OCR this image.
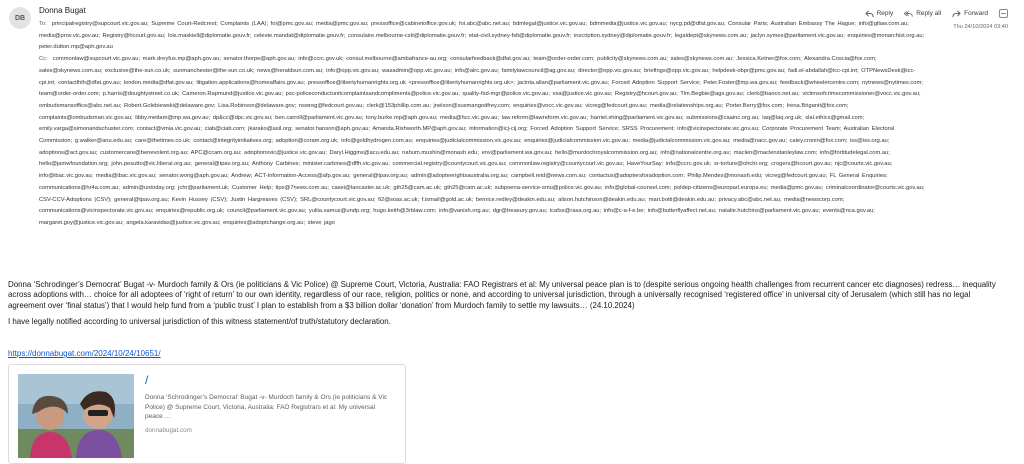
DB
Donna Bugat	Reply	Reply all	Forward
Thu 24/10/2024 03:40

To: principalregistry@supcourt.vic.gov.au; Supreme Court-Redcrest; Complaints (LAA); foi@pmc.gov.au; media@pmc.gov.au; pressoffice@cabinetoffice.gov.uk; foi.abc@abc.net.au; bdmlegal@justice.vic.gov.au; bdmmedia@justice.vic.gov.au; nycg.pd@dfat.gov.au; Consular Paris; Australian Embassy The Hague; info@gtlaw.com.au; media@prov.vic.gov.au; Registry@hcourt.gov.au; lois.maskiell@diplomatie.gouv.fr; celeste.mandat@diplomatie.gouv.fr; consulaire.melbourne-csIt@diplomatie.gouv.fr; etat-civil.sydney-fslt@diplomatie.gouv.fr; inscription.sydney@diplomatie.gouv.fr; legaldept@skynews.com.au; jaclyn.symes@parliament.vic.gov.au; enquiries@monarchist.org.au; peter.dutton.mp@aph.gov.au

Cc: commonlaw@supcourt.vic.gov.au; mark.dreyfus.mp@aph.gov.au; senator.thorpe@aph.gov.au; info@ccrc.gov.uk; consul.melbourne@ambafrance-au.org; consularfeedback@dfat.gov.au; team@order-order.com; publicity@skynews.com.au; sales@skynews.com.au; Jessica.Ketner@fox.com; Alexandra.Coscia@fox.com; sales@skynews.com.au; exclusive@the-sun.co.uk; sunmanchester@the-sun.co.uk; news@heraldsun.com.au; info@opp.vic.gov.au; wasadmin@opp.vic.gov.au; info@alrc.gov.au; familylawcouncil@ag.gov.au; director@opp.vic.gov.au; briefings@opp.vic.gov.au; helpdesk-obpr@pmc.gov.au; fadi.el-abdallah@icc-cpi.int; OTPNewsDesk@icc-cpi.int; contactlhlh@dfat.gov.au; london.media@dfat.gov.au; litigation.applications@homeaffairs.gov.au; pressoffice@libertyhumanrights.org.uk <pressoffice@libertyhumanrights.org.uk>; jacinta.allan@parliament.vic.gov.au; Forced Adoption Support Service; Peter.Foster@mp.wa.gov.au; feedback@wheelercentre.com; nytnews@nytimes.com; team@order-order.com; p.harris@doughtystreet.co.uk; Cameron.Rapmund@justice.vic.gov.au; psc-policeconductunitcomplaintsandcompliments@police.vic.gov.au; quality-fsd-mgr@police.vic.gov.au; vsa@justice.vic.gov.au; Registry@hcourt.gov.au; Tim.Begbie@ags.gov.au; clerk@banco.net.au; victimsofcrimecommissioner@vocc.vic.gov.au; ombudsmansoffice@abc.net.au; Robert.Golebiewski@delaware.gov; Lisa.Robinson@delaware.gov; nswreg@fedcourt.gov.au; clerk@153phillip.com.au; jnelson@susmangodfrey.com; enquiries@vocc.vic.gov.au; vicreg@fedcourt.gov.au; media@relationships.org.au; Porter.Berry@fox.com; Irena.Briganti@fox.com; complaints@ombudsman.vic.gov.au; libby.mettam@mp.wa.gov.au; dp&cc@dpc.vic.gov.au; ben.carroll@parliament.vic.gov.au; tony.burke.mp@aph.gov.au; media@hcc.vic.gov.au; law.reform@lawreform.vic.gov.au; harriet.shing@parliament.vic.gov.au; submissions@caainc.org.au; laq@laq.org.uk; slal.ethics@gmail.com; emily.varga@simonandschuster.com; contact@vmia.vic.gov.au; ciab@ciab.com; jkarako@asil.org; senator.hanson@aph.gov.au; Amanda.Rishworth.MP@aph.gov.au; information@icj-cij.org; Forced Adoption Support Service; SRSS Procurement; info@vicinspectorate.vic.gov.au; Corporate Procurement Team; Australian Electoral Commission; g.walker@anu.edu.au; care@thetimes.co.uk; contact@integrityinitiatives.org; adoption@coram.org.uk; info@goldhydrogen.com.au; enquiries@judicialcommission.vic.gov.au; enquiries@judicialcommission.vic.gov.au; media@judicialcommission.vic.gov.au; media@nacc.gov.au; caley.cronin@fox.com; iss@iss.org.au; adoptions@act.gov.au; customercare@benevolent.org.au; APC@ccam.org.au; adoptionsvic@justice.vic.gov.au; Daryl.Higgins@acu.edu.au; nahum.mushin@monash.edu; env@parliament.wa.gov.au; hello@murdochroyalcommission.org.au; info@nationalcentre.org.au; maclen@maclenstanleylaw.com; info@fortitudelegal.com.au; hello@jamwfoundation.org; john.pesutto@vic.liberal.org.au; general@tpav.org.au; Anthony Carbines; minister.carbines@dffh.vic.gov.au; commercial.registry@countycourt.vic.gov.au; commonlaw.registry@countycourt.vic.gov.au; HaveYourSay; info@ccrc.gov.uk; sr-torture@ohchr.org; crogers@hcourt.gov.au; njc@courts.vic.gov.au; info@ibac.vic.gov.au; media@ibac.vic.gov.au; senator.wong@aph.gov.au; Andrew; ACT-Information-Access@afp.gov.au; general@tpav.org.au; admin@adopteerightsaustralia.org.au; campbell.reid@news.com.au; contactus@adoptersforadoption.com; Philip.Mendes@monash.edu; vicreg@fedcourt.gov.au; FL General Enquiries; communications@hr4a.com.au; admin@untoday.org; jchr@parliament.uk; Customer Help; tips@7news.com.au; casei@lancaster.ac.uk; gth25@cam.ac.uk; gth25@cam.ac.uk; subpoena-service-smu@police.vic.gov.au; info@global-counsel.com; poldep-citizens@europarl.europa.eu; media@pmc.gov.au; criminalcoordinator@courts.vic.gov.au; CSV-CCV-Adoptions (CSV); general@tpav.org.au; Kevin Hussey (CSV); Justin Hargreaves (CSV); SRL@countycourt.vic.gov.au; fi2@soas.ac.uk; f.ismail@gold.ac.uk; bernice.redley@deakin.edu.au; alison.hutchinson@deakin.edu.au; mari.botti@deakin.edu.au; privacy.abc@abc.net.au; media@newscorp.com; communications@vicinspectorate.vic.gov.au; enquiries@republic.org.uk; council@parliament.vic.gov.au; yuliia.samus@undp.org; hugo.keith@3rblaw.com; info@vanish.org.au; dgr@treasury.gov.au; icafss@rasa.org.au; info@c-a-f-e.be; info@butterflyaffect.net.au; natalie.hutchins@parliament.vic.gov.au; events@nca.gov.au; margaret.goy@justice.vic.gov.au; angela.karavidas@justice.vic.gov.au; enquiries@adoptchange.org.au; steve jago

Donna ‘Schrodinger’s Democrat’ Bugat -v- Murdoch family & Ors (ie politicians & Vic Police) @ Supreme Court, Victoria, Australia: FAO Registrars et al: My universal peace plan is to (despite serious ongoing health challenges from recurrent cancer etc diagnoses) redress… inequality across adoptions with… choice for all adoptees of ‘right of return’ to our own identity, regardless of our race, religion, politics or none, and according to universal jurisdiction, through a universally recognised ‘registered office’ in universal city of Jerusalem (which still has no legal agreement over ‘final status’) that I would help fund from a ‘public trust’ I plan to establish from a $3 billion dollar ‘donation’ from Murdoch family to settle my lawsuits… (24.10.2024)

I have legally notified according to universal jurisdiction of this witness statement/of truth/statutory declaration.

https://donnabugat.com/2024/10/24/10651/
/
Donna ‘Schrodinger’s Democrat’ Bugat -v- Murdoch family & Ors (ie politicians & Vic Police) @ Supreme Court, Victoria, Australia: FAO Registrars et al: My universal peace …
donnabugat.com
